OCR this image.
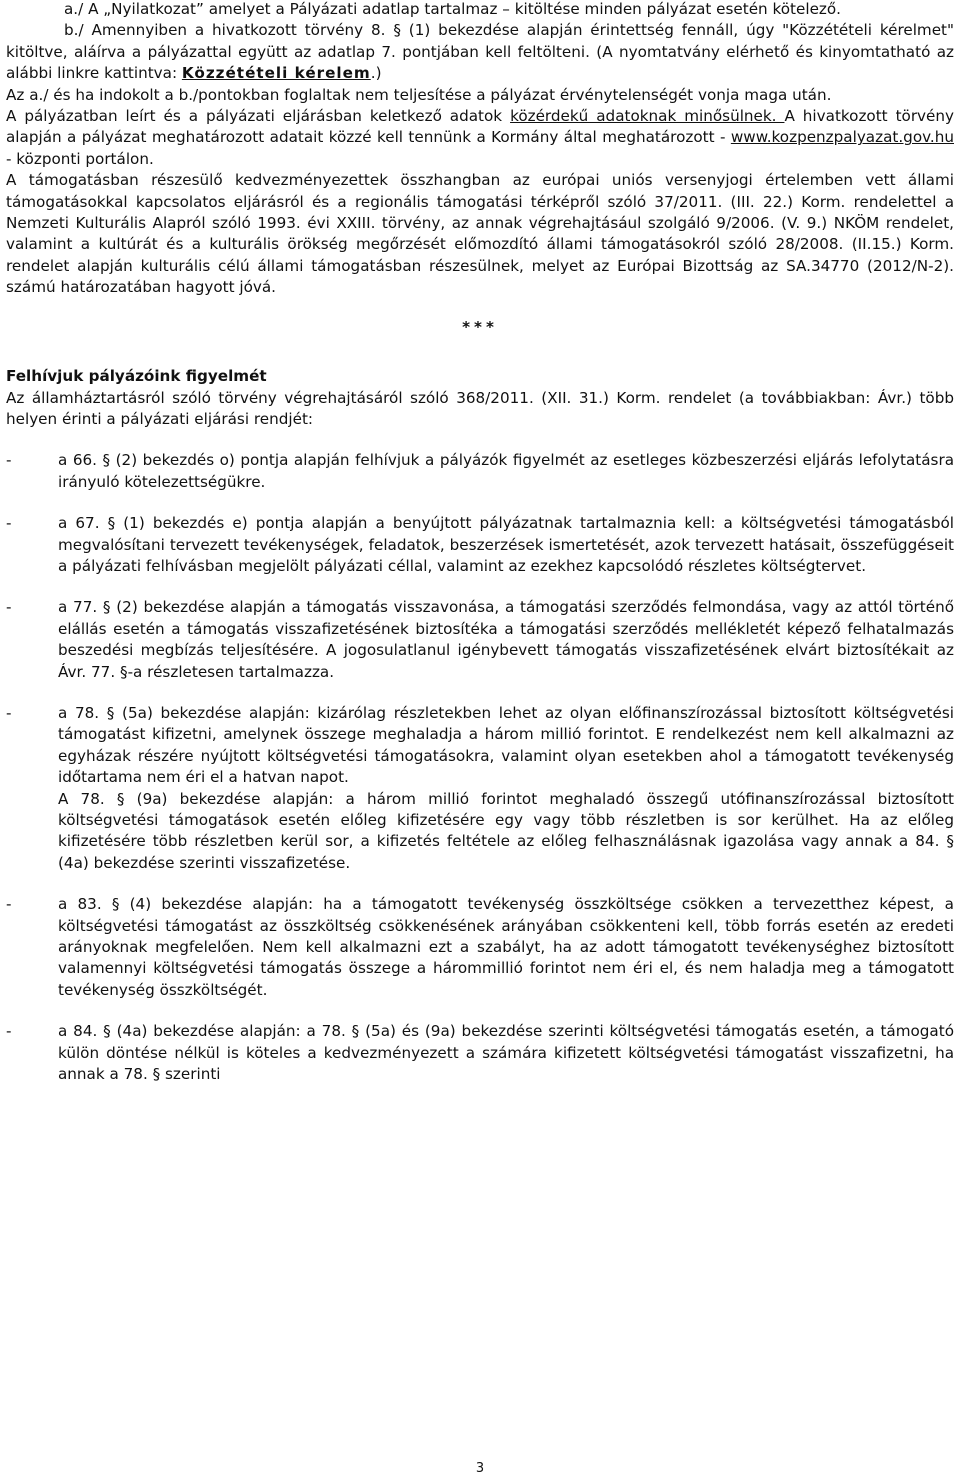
a./ A „Nyilatkozat” amelyet a Pályázati adatlap tartalmaz – kitöltése minden pályázat esetén kötelező.

b./ Amennyiben a hivatkozott törvény 8. § (1) bekezdése alapján érintettség fennáll, úgy "Közzétételi kérelmet" kitöltve, aláírva a pályázattal együtt az adatlap 7. pontjában kell feltölteni. (A nyomtatvány elérhető és kinyomtatható az alábbi linkre kattintva: Közzétételi kérelem.)

Az a./ és ha indokolt a b./pontokban foglaltak nem teljesítése a pályázat érvénytelenségét vonja maga után.

A pályázatban leírt és a pályázati eljárásban keletkező adatok közérdekű adatoknak minősülnek. A hivatkozott törvény alapján a pályázat meghatározott adatait közzé kell tennünk a Kormány által meghatározott - www.kozpenzpalyazat.gov.hu - központi portálon.

A támogatásban részesülő kedvezményezettek összhangban az európai uniós versenyjogi értelemben vett állami támogatásokkal kapcsolatos eljárásról és a regionális támogatási térképről szóló 37/2011. (III. 22.) Korm. rendelettel a Nemzeti Kulturális Alapról szóló 1993. évi XXIII. törvény, az annak végrehajtásául szolgáló 9/2006. (V. 9.) NKÖM rendelet, valamint a kultúrát és a kulturális örökség megőrzését előmozdító állami támogatásokról szóló 28/2008. (II.15.) Korm. rendelet alapján kulturális célú állami támogatásban részesülnek, melyet az Európai Bizottság az SA.34770 (2012/N-2). számú határozatában hagyott jóvá.

***

Felhívjuk pályázóink figyelmét

Az államháztartásról szóló törvény végrehajtásáról szóló 368/2011. (XII. 31.) Korm. rendelet (a továbbiakban: Ávr.) több helyen érinti a pályázati eljárási rendjét:

-	a 66. § (2) bekezdés o) pontja alapján felhívjuk a pályázók figyelmét az esetleges közbeszerzési eljárás lefolytatásra irányuló kötelezettségükre.

-	a 67. § (1) bekezdés e) pontja alapján a benyújtott pályázatnak tartalmaznia kell: a költségvetési támogatásból megvalósítani tervezett tevékenységek, feladatok, beszerzések ismertetését, azok tervezett hatásait, összefüggéseit a pályázati felhívásban megjelölt pályázati céllal, valamint az ezekhez kapcsolódó részletes költségtervet.

-	a 77. § (2) bekezdése alapján a támogatás visszavonása, a támogatási szerződés felmondása, vagy az attól történő elállás esetén a támogatás visszafizetésének biztosítéka a támogatási szerződés mellékletét képező felhatalmazás beszedési megbízás teljesítésére. A jogosulatlanul igénybevett támogatás visszafizetésének elvárt biztosítékait az Ávr. 77. §-a részletesen tartalmazza.

-	a 78. § (5a) bekezdése alapján: kizárólag részletekben lehet az olyan előfinanszírozással biztosított költségvetési támogatást kifizetni, amelynek összege meghaladja a három millió forintot. E rendelkezést nem kell alkalmazni az egyházak részére nyújtott költségvetési támogatásokra, valamint olyan esetekben ahol a támogatott tevékenység időtartama nem éri el a hatvan napot.

A 78. § (9a) bekezdése alapján: a három millió forintot meghaladó összegű utófinanszírozással biztosított költségvetési támogatások esetén előleg kifizetésére egy vagy több részletben is sor kerülhet. Ha az előleg kifizetésére több részletben kerül sor, a kifizetés feltétele az előleg felhasználásnak igazolása vagy annak a 84. § (4a) bekezdése szerinti visszafizetése.

-	a 83. § (4) bekezdése alapján: ha a támogatott tevékenység összköltsége csökken a tervezetthez képest, a költségvetési támogatást az összköltség csökkenésének arányában csökkenteni kell, több forrás esetén az eredeti arányoknak megfelelően. Nem kell alkalmazni ezt a szabályt, ha az adott támogatott tevékenységhez biztosított valamennyi költségvetési támogatás összege a hárommillió forintot nem éri el, és nem haladja meg a támogatott tevékenység összköltségét.

-	a 84. § (4a) bekezdése alapján: a 78. § (5a) és (9a) bekezdése szerinti költségvetési támogatás esetén, a támogató külön döntése nélkül is köteles a kedvezményezett a számára kifizetett költségvetési támogatást visszafizetni, ha annak a 78. § szerinti

3
